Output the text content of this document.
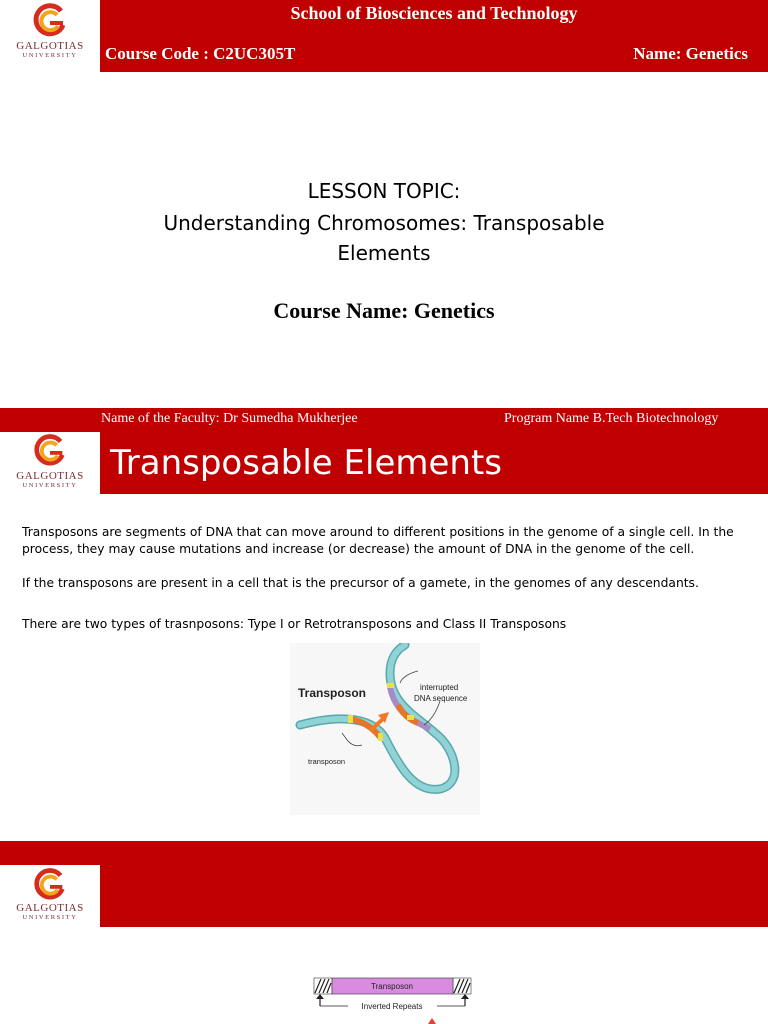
GALGOTIAS
UNIVERSITY
School of Biosciences and Technology
Course Code : C2UC305T	Name: Genetics
LESSON TOPIC:
Understanding Chromosomes: Transposable Elements
Course Name: Genetics
Name of the Faculty: Dr Sumedha Mukherjee	Program Name B.Tech Biotechnology
GALGOTIAS
UNIVERSITY
Transposable Elements

Transposons are segments of DNA that can move around to different positions in the genome of a single cell. In the process, they may cause mutations and increase (or decrease) the amount of DNA in the genome of the cell.

If the transposons are present in a cell that is the precursor of a gamete, in the genomes of any descendants.

There are two types of trasnposons: Type I or Retrotransposons and Class II Transposons

Transposon	interrupted
DNA sequence
transposon
GALGOTIAS
UNIVERSITY
Transposon
Inverted Repeats
